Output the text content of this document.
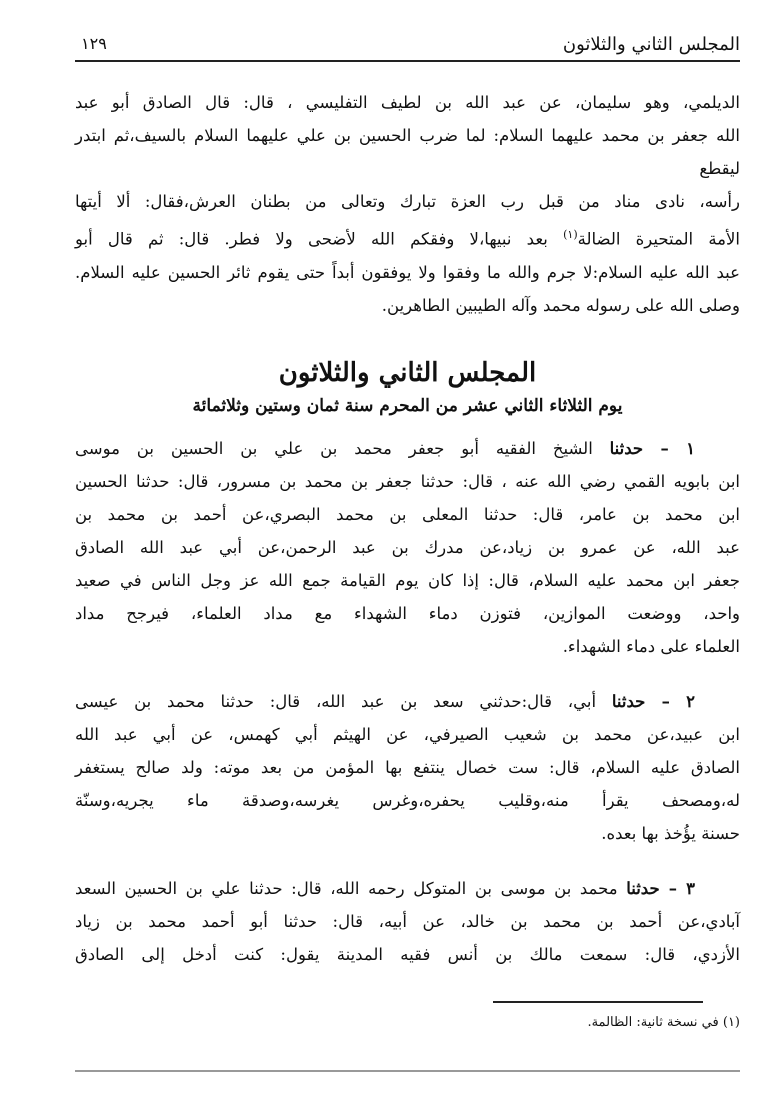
المجلس الثاني والثلاثون
١٢٩
الديلمي، وهو سليمان، عن عبد الله بن لطيف التفليسي ، قال: قال الصادق أبو عبد
الله جعفر بن محمد عليهما السلام: لما ضرب الحسين بن علي عليهما السلام بالسيف،ثم ابتدر ليقطع
رأسه، نادى مناد من قبل رب العزة تبارك وتعالى من بطنان العرش،فقال: ألا أيتها
الأمة المتحيرة الضالة$^{(١)}$ بعد نبيها،لا وفقكم الله لأضحى ولا فطر. قال: ثم قال أبو
عبد الله عليه السلام:لا جرم والله ما وفقوا ولا يوفقون أبداً حتى يقوم ثائر الحسين عليه السلام.
وصلى الله على رسوله محمد وآله الطيبين الطاهرين.
المجلس الثاني والثلاثون
يوم الثلاثاء الثاني عشر من المحرم سنة ثمان وستين وثلاثمائة
١ – حدثنا الشيخ الفقيه أبو جعفر محمد بن علي بن الحسين بن موسى
ابن بابويه القمي رضي الله عنه ، قال: حدثنا جعفر بن محمد بن مسرور، قال: حدثنا الحسين
ابن محمد بن عامر، قال: حدثنا المعلى بن محمد البصري،عن أحمد بن محمد بن
عبد الله، عن عمرو بن زياد،عن مدرك بن عبد الرحمن،عن أبي عبد الله الصادق
جعفر ابن محمد عليه السلام، قال: إذا كان يوم القيامة جمع الله عز وجل الناس في صعيد
واحد، ووضعت الموازين، فتوزن دماء الشهداء مع مداد العلماء، فيرجح مداد
العلماء على دماء الشهداء.
٢ – حدثنا أبي، قال:حدثني سعد بن عبد الله، قال: حدثنا محمد بن عيسى
ابن عبيد،عن محمد بن شعيب الصيرفي، عن الهيثم أبي كهمس، عن أبي عبد الله
الصادق عليه السلام، قال: ست خصال ينتفع بها المؤمن من بعد موته: ولد صالح يستغفر
له،ومصحف يقرأ منه،وقليب يحفره،وغرس يغرسه،وصدقة ماء يجريه،وسنّة
حسنة يؤُخذ بها بعده.
٣ – حدثنا محمد بن موسى بن المتوكل رحمه الله، قال: حدثنا علي بن الحسين السعد
آبادي،عن أحمد بن محمد بن خالد، عن أبيه، قال: حدثنا أبو أحمد محمد بن زياد
الأزدي، قال: سمعت مالك بن أنس فقيه المدينة يقول: كنت أدخل إلى الصادق
(١) في نسخة ثانية: الظالمة.
